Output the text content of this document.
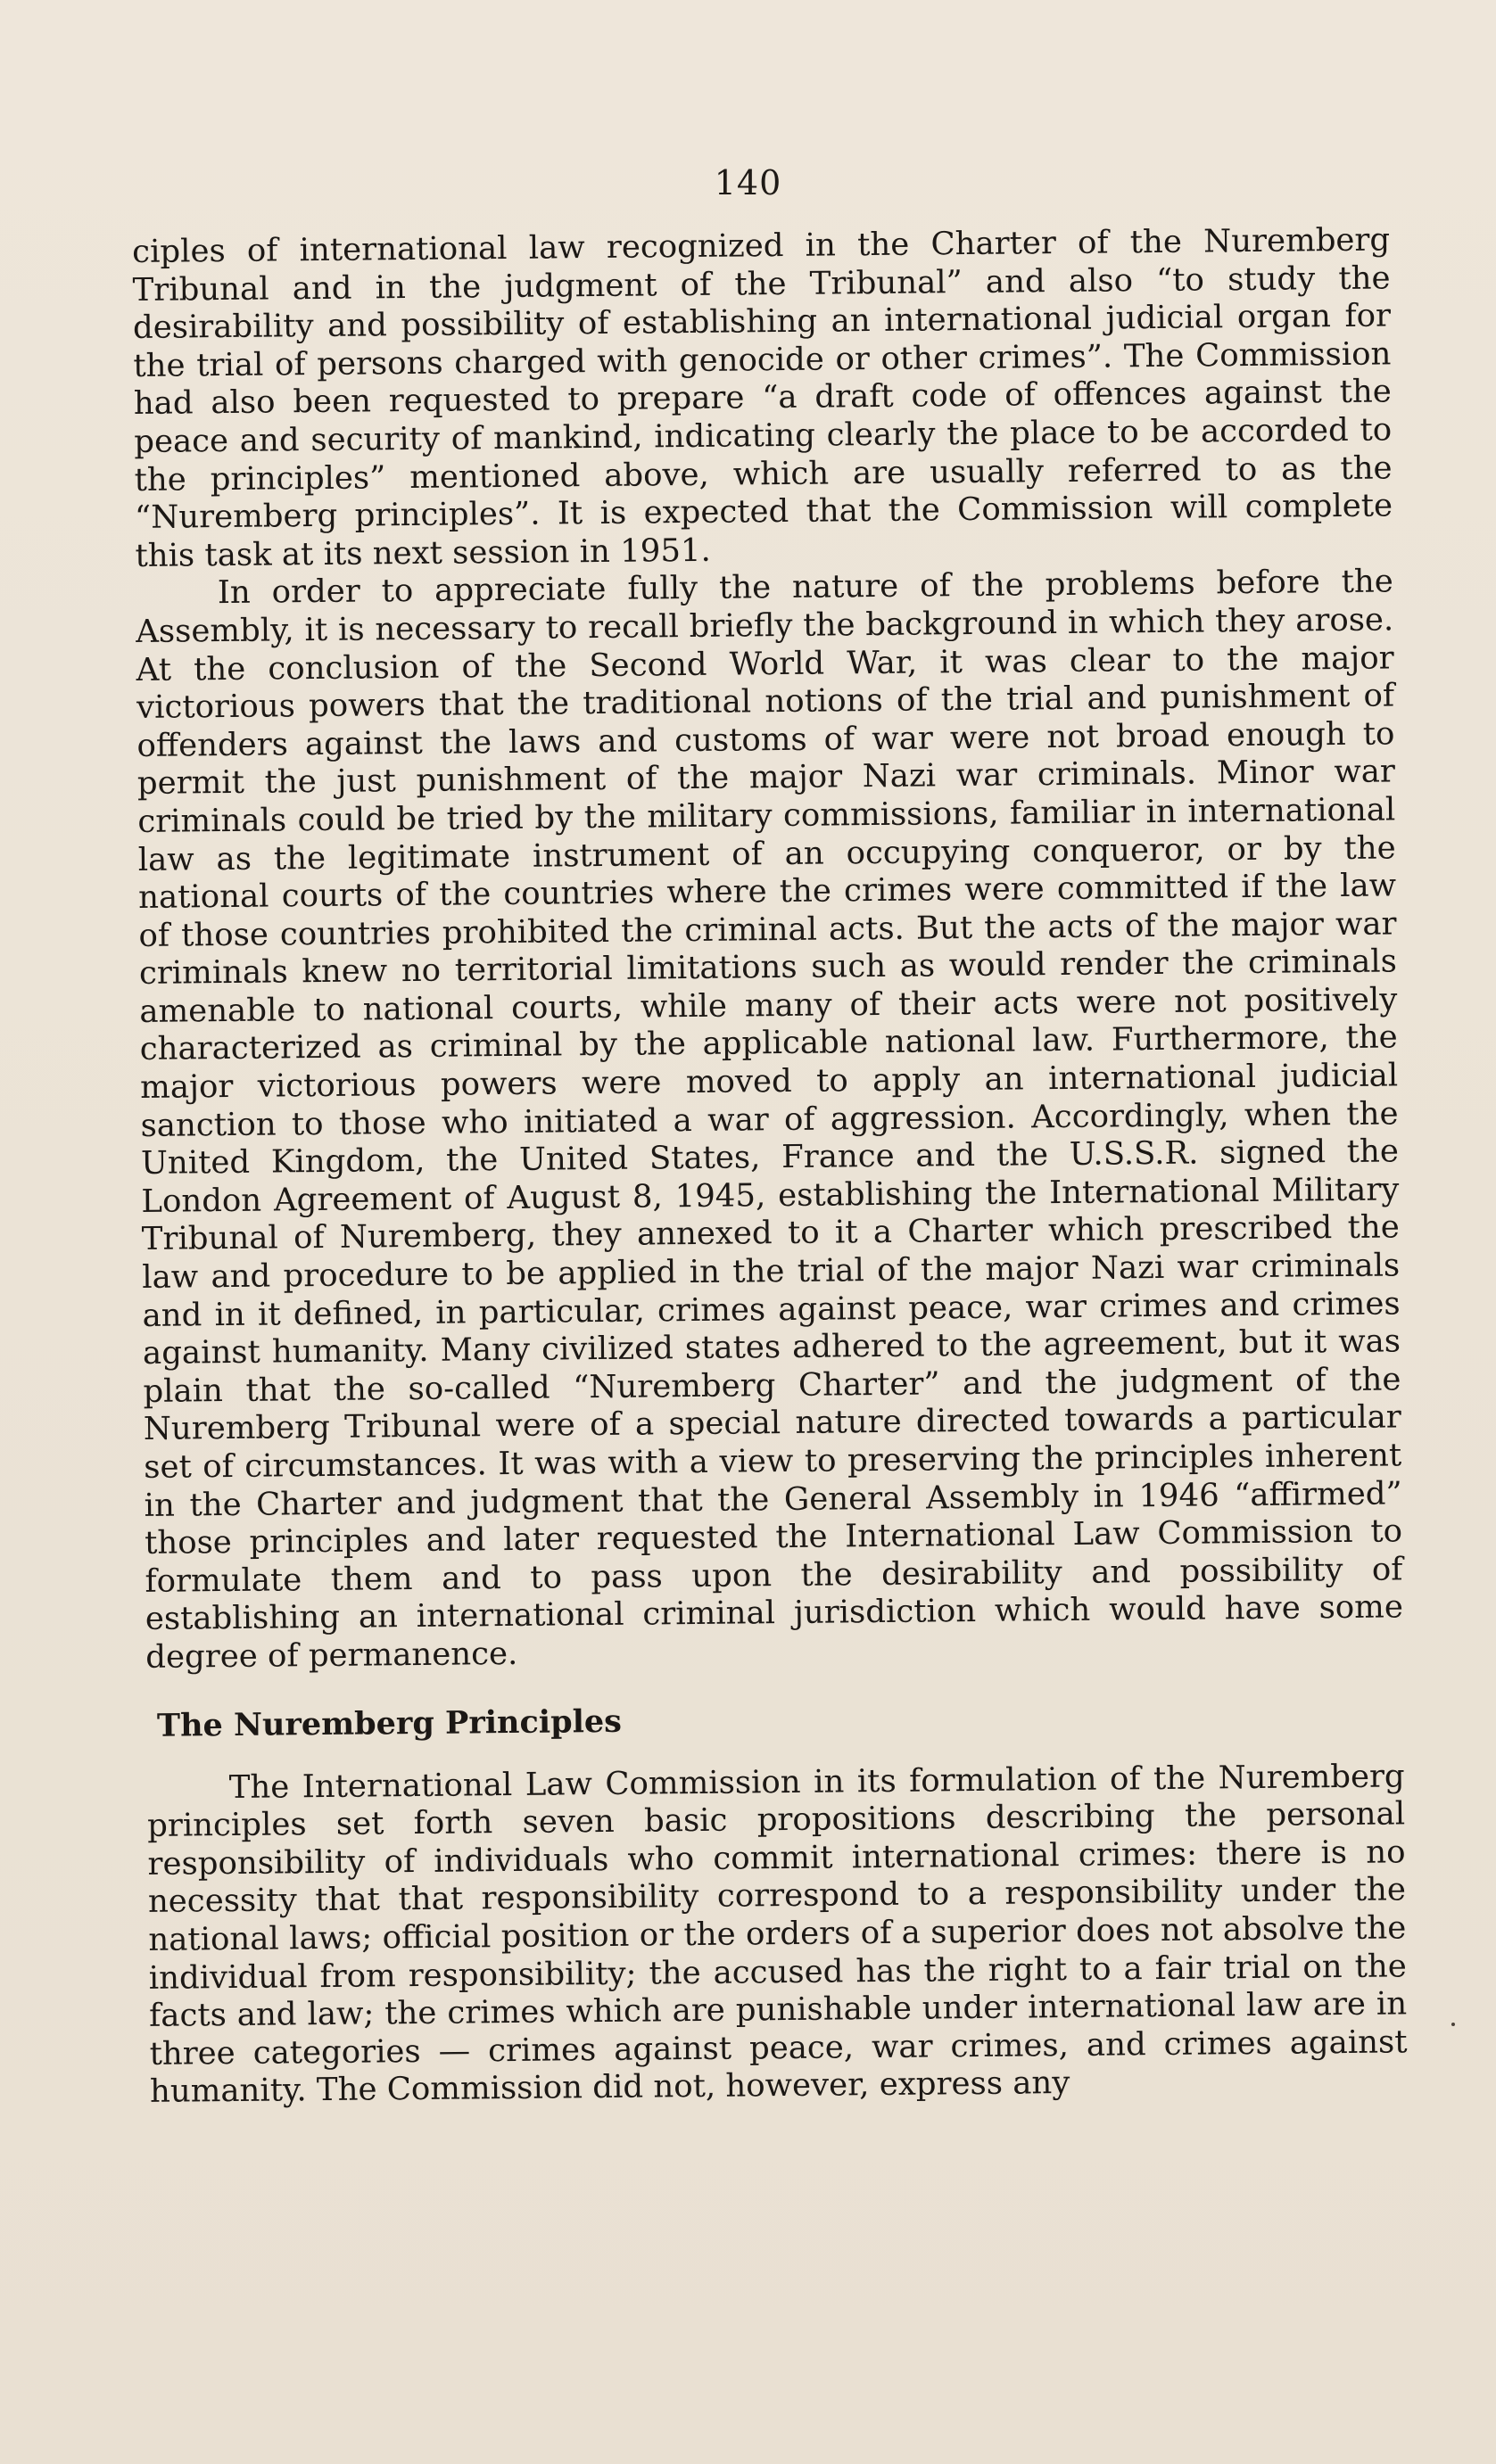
140

ciples of international law recognized in the Charter of the Nuremberg Tribunal and in the judgment of the Tribunal” and also “to study the desirability and possibility of establishing an international judicial organ for the trial of persons charged with genocide or other crimes”. The Commission had also been requested to prepare “a draft code of offences against the peace and security of mankind, indicating clearly the place to be accorded to the principles” mentioned above, which are usually referred to as the “Nuremberg principles”. It is expected that the Commission will complete this task at its next session in 1951.

In order to appreciate fully the nature of the problems before the Assembly, it is necessary to recall briefly the background in which they arose. At the conclusion of the Second World War, it was clear to the major victorious powers that the traditional notions of the trial and punishment of offenders against the laws and customs of war were not broad enough to permit the just punishment of the major Nazi war criminals. Minor war criminals could be tried by the military commissions, familiar in international law as the legitimate instrument of an occupying conqueror, or by the national courts of the countries where the crimes were committed if the law of those countries prohibited the criminal acts. But the acts of the major war criminals knew no territorial limitations such as would render the criminals amenable to national courts, while many of their acts were not positively characterized as criminal by the applicable national law. Furthermore, the major victorious powers were moved to apply an international judicial sanction to those who initiated a war of aggression. Accordingly, when the United Kingdom, the United States, France and the U.S.S.R. signed the London Agreement of August 8, 1945, establishing the International Military Tribunal of Nuremberg, they annexed to it a Charter which prescribed the law and procedure to be applied in the trial of the major Nazi war criminals and in it defined, in particular, crimes against peace, war crimes and crimes against humanity. Many civilized states adhered to the agreement, but it was plain that the so-called “Nuremberg Charter” and the judgment of the Nuremberg Tribunal were of a special nature directed towards a particular set of circumstances. It was with a view to preserving the principles inherent in the Charter and judgment that the General Assembly in 1946 “affirmed” those principles and later requested the International Law Commission to formulate them and to pass upon the desirability and possibility of establishing an international criminal jurisdiction which would have some degree of permanence.

The Nuremberg Principles

The International Law Commission in its formulation of the Nuremberg principles set forth seven basic propositions describing the personal responsibility of individuals who commit international crimes: there is no necessity that that responsibility correspond to a responsibility under the national laws; official position or the orders of a superior does not absolve the individual from responsibility; the accused has the right to a fair trial on the facts and law; the crimes which are punishable under international law are in three categories — crimes against peace, war crimes, and crimes against humanity. The Commission did not, however, express any
